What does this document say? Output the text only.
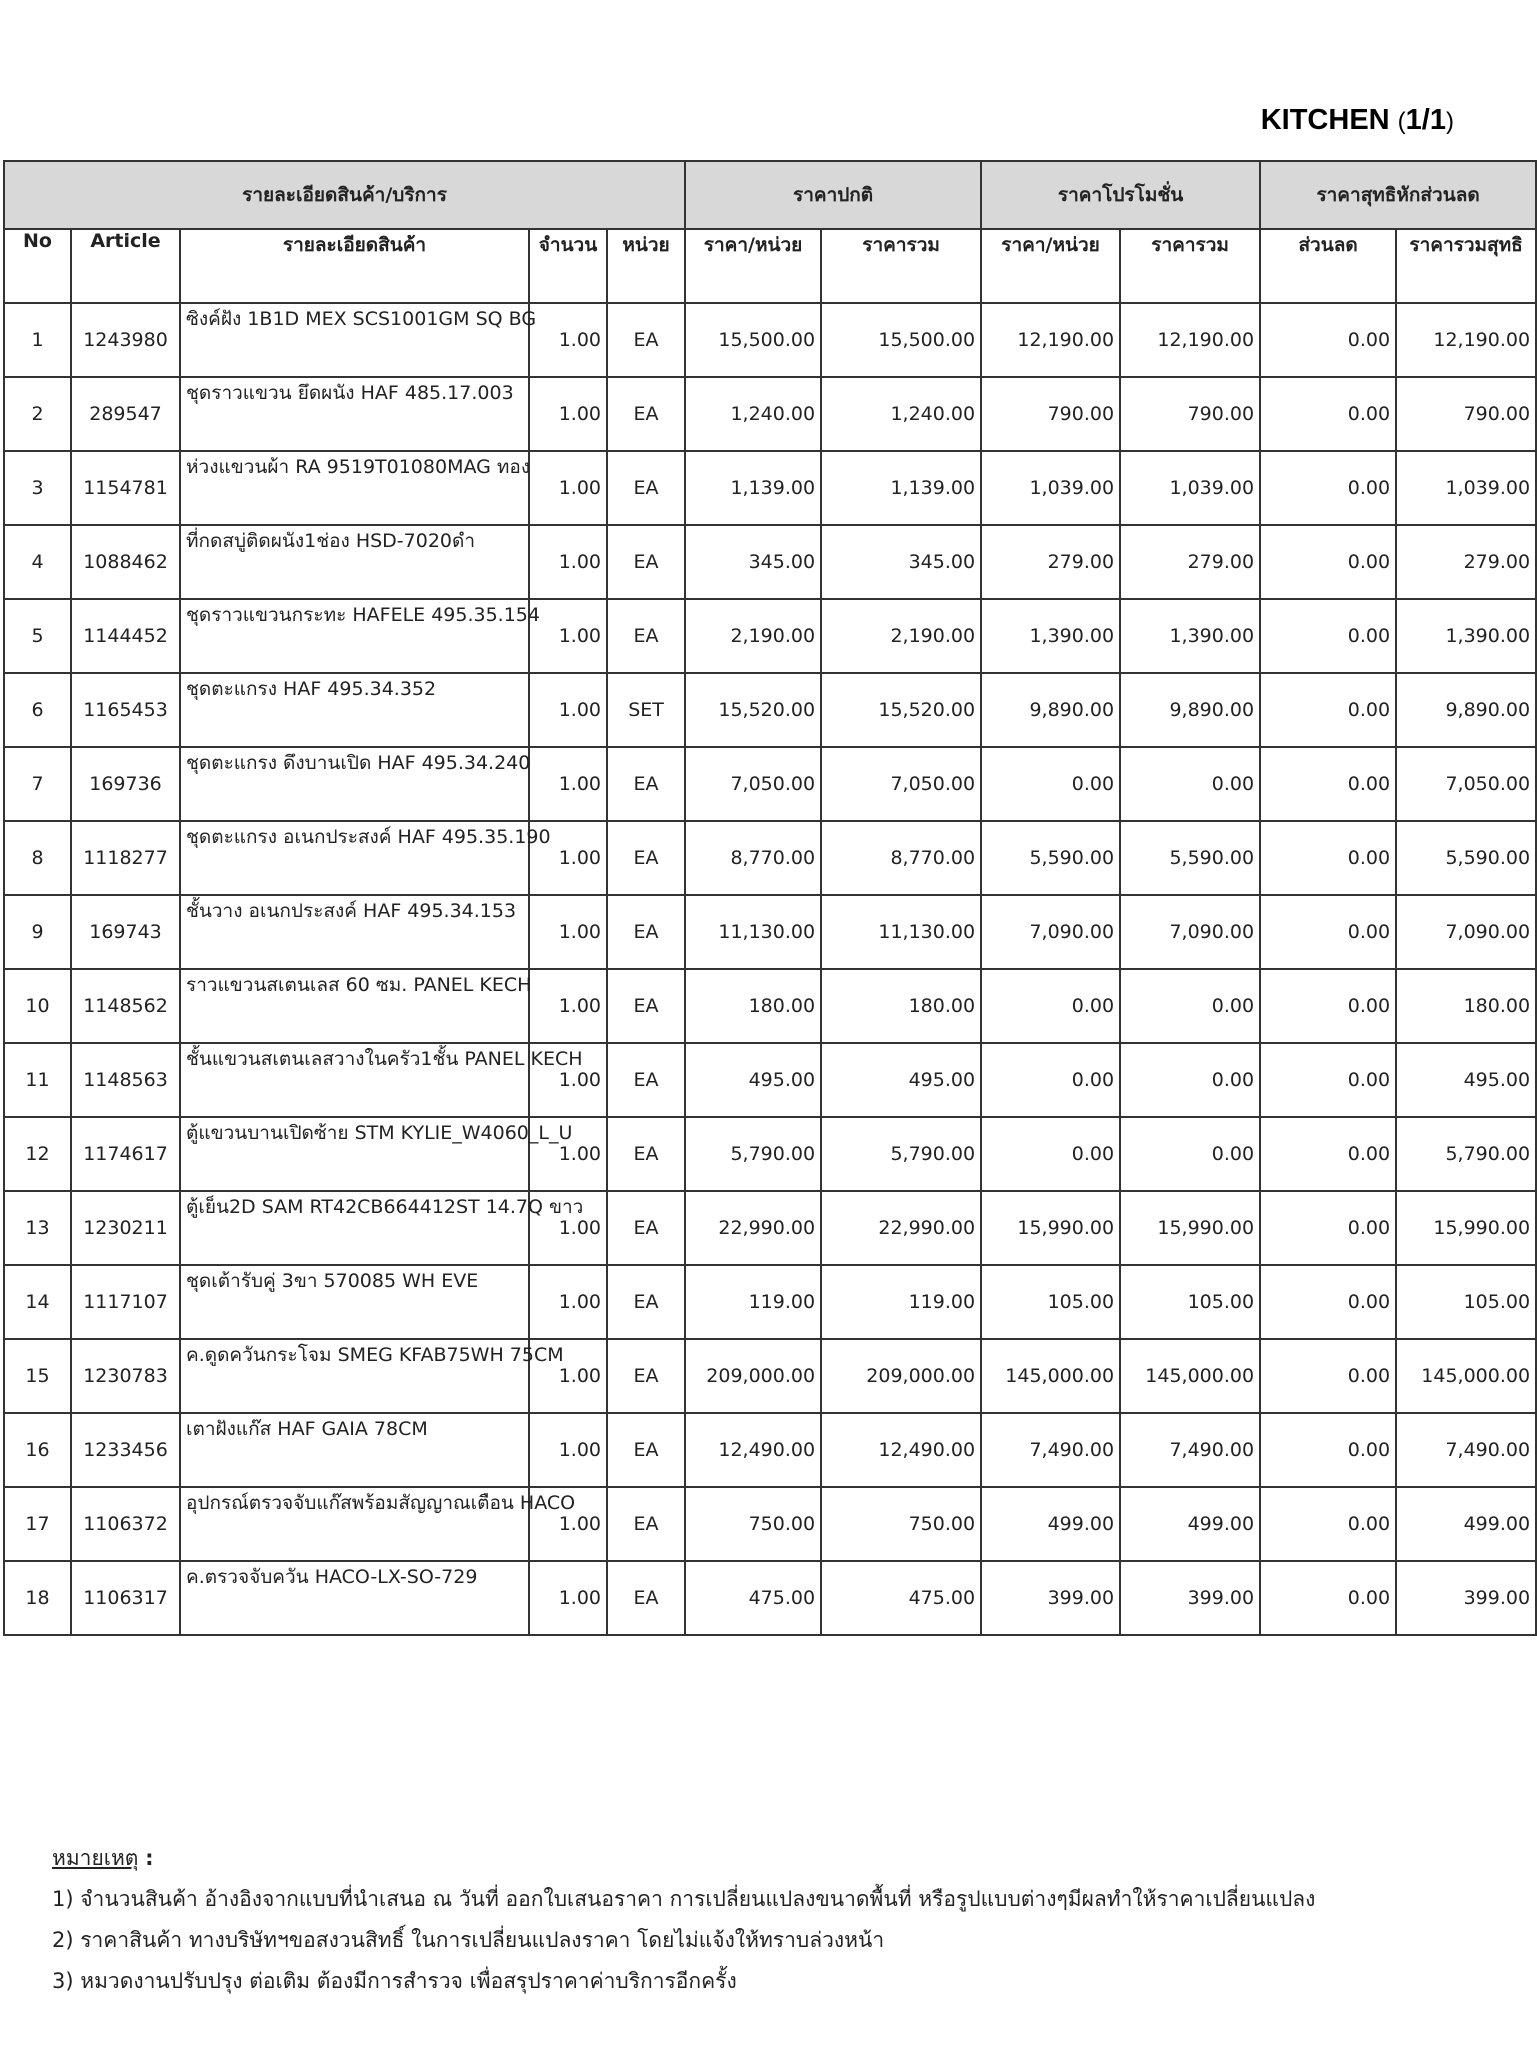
KITCHEN (1/1)
รายละเอียดสินค้า/บริการ					ราคาปกติ		ราคาโปรโมชั่น		ราคาสุทธิหักส่วนลด	
No	Article	รายละเอียดสินค้า	จำนวน	หน่วย	ราคา/หน่วย	ราคารวม	ราคา/หน่วย	ราคารวม	ส่วนลด	ราคารวมสุทธิ
1	1243980	ซิงค์ฝัง 1B1D MEX SCS1001GM SQ BG	1.00	EA	15,500.00	15,500.00	12,190.00	12,190.00	0.00	12,190.00
2	289547	ชุดราวแขวน ยึดผนัง HAF 485.17.003	1.00	EA	1,240.00	1,240.00	790.00	790.00	0.00	790.00
3	1154781	ห่วงแขวนผ้า RA 9519T01080MAG ทอง	1.00	EA	1,139.00	1,139.00	1,039.00	1,039.00	0.00	1,039.00
4	1088462	ที่กดสบู่ติดผนัง1ช่อง HSD-7020ดำ	1.00	EA	345.00	345.00	279.00	279.00	0.00	279.00
5	1144452	ชุดราวแขวนกระทะ HAFELE 495.35.154	1.00	EA	2,190.00	2,190.00	1,390.00	1,390.00	0.00	1,390.00
6	1165453	ชุดตะแกรง HAF 495.34.352	1.00	SET	15,520.00	15,520.00	9,890.00	9,890.00	0.00	9,890.00
7	169736	ชุดตะแกรง ดึงบานเปิด HAF 495.34.240	1.00	EA	7,050.00	7,050.00	0.00	0.00	0.00	7,050.00
8	1118277	ชุดตะแกรง อเนกประสงค์ HAF 495.35.190	1.00	EA	8,770.00	8,770.00	5,590.00	5,590.00	0.00	5,590.00
9	169743	ชั้นวาง อเนกประสงค์ HAF 495.34.153	1.00	EA	11,130.00	11,130.00	7,090.00	7,090.00	0.00	7,090.00
10	1148562	ราวแขวนสเตนเลส 60 ซม. PANEL KECH	1.00	EA	180.00	180.00	0.00	0.00	0.00	180.00
11	1148563	ชั้นแขวนสเตนเลสวางในครัว1ชั้น PANEL KECH	1.00	EA	495.00	495.00	0.00	0.00	0.00	495.00
12	1174617	ตู้แขวนบานเปิดซ้าย STM KYLIE_W4060_L_U	1.00	EA	5,790.00	5,790.00	0.00	0.00	0.00	5,790.00
13	1230211	ตู้เย็น2D SAM RT42CB664412ST 14.7Q ขาว	1.00	EA	22,990.00	22,990.00	15,990.00	15,990.00	0.00	15,990.00
14	1117107	ชุดเต้ารับคู่ 3ขา 570085 WH EVE	1.00	EA	119.00	119.00	105.00	105.00	0.00	105.00
15	1230783	ค.ดูดควันกระโจม SMEG KFAB75WH 75CM	1.00	EA	209,000.00	209,000.00	145,000.00	145,000.00	0.00	145,000.00
16	1233456	เตาฝังแก๊ส HAF GAIA 78CM	1.00	EA	12,490.00	12,490.00	7,490.00	7,490.00	0.00	7,490.00
17	1106372	อุปกรณ์ตรวจจับแก๊สพร้อมสัญญาณเตือน HACO	1.00	EA	750.00	750.00	499.00	499.00	0.00	499.00
18	1106317	ค.ตรวจจับควัน HACO-LX-SO-729	1.00	EA	475.00	475.00	399.00	399.00	0.00	399.00
หมายเหตุ :
1) จำนวนสินค้า อ้างอิงจากแบบที่นำเสนอ ณ วันที่ ออกใบเสนอราคา การเปลี่ยนแปลงขนาดพื้นที่ หรือรูปแบบต่างๆมีผลทำให้ราคาเปลี่ยนแปลง
2) ราคาสินค้า ทางบริษัทฯขอสงวนสิทธิ์ ในการเปลี่ยนแปลงราคา โดยไม่แจ้งให้ทราบล่วงหน้า
3) หมวดงานปรับปรุง ต่อเติม ต้องมีการสำรวจ เพื่อสรุปราคาค่าบริการอีกครั้ง
